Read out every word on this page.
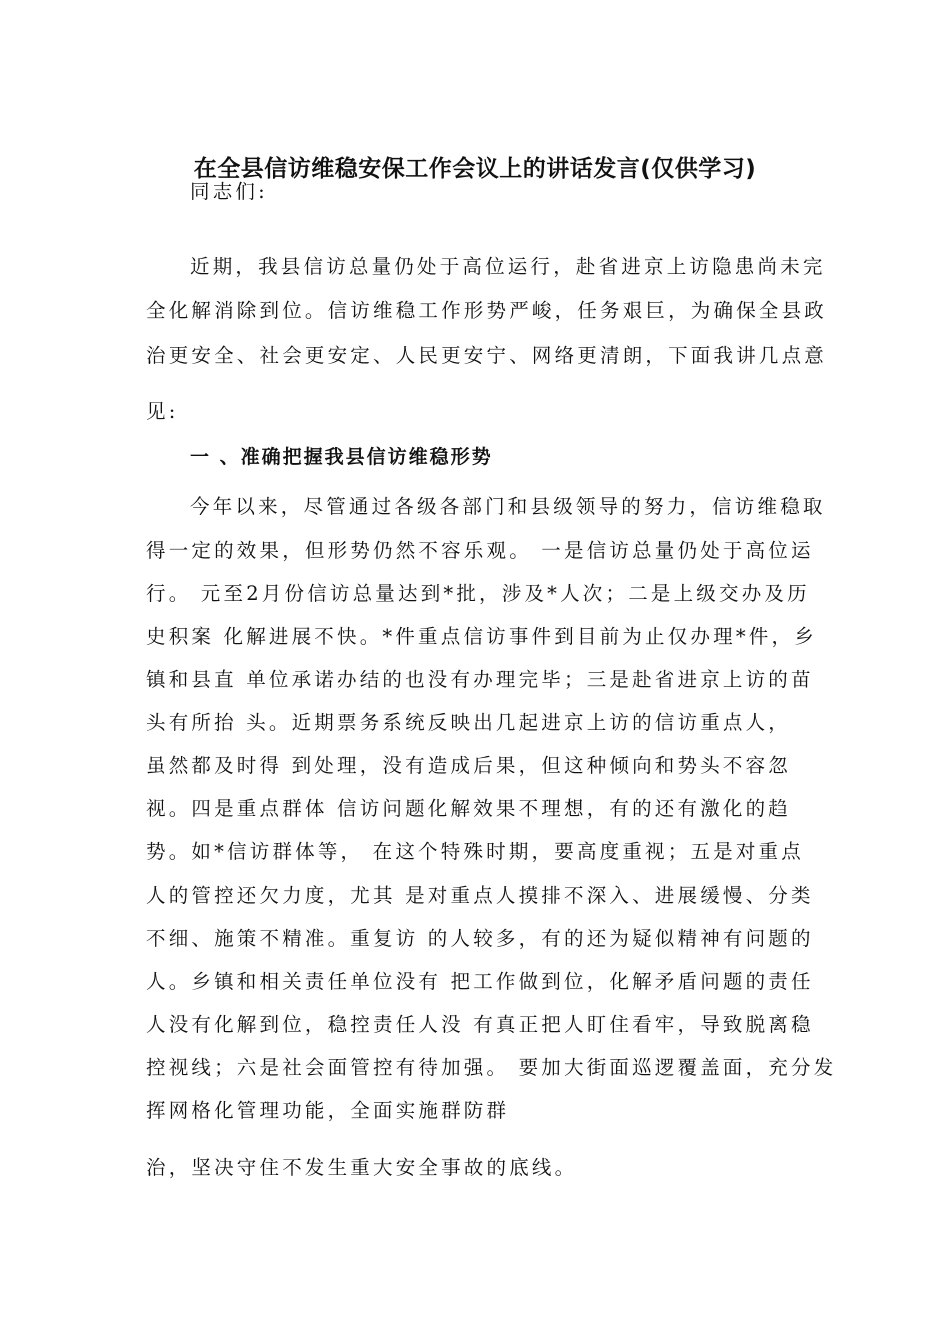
在全县信访维稳安保工作会议上的讲话发言(仅供学习)
同志们:
近期，我县信访总量仍处于高位运行，赴省进京上访隐患尚未完
全化解消除到位。信访维稳工作形势严峻，任务艰巨，为确保全县政
治更安全、社会更安定、人民更安宁、网络更清朗，下面我讲几点意
见:
一 、准确把握我县信访维稳形势
今年以来，尽管通过各级各部门和县级领导的努力，信访维稳取
得一定的效果，但形势仍然不容乐观。 一是信访总量仍处于高位运
行。 元至2月份信访总量达到*批，涉及*人次；二是上级交办及历
史积案 化解进展不快。*件重点信访事件到目前为止仅办理*件，乡
镇和县直 单位承诺办结的也没有办理完毕；三是赴省进京上访的苗
头有所抬 头。近期票务系统反映出几起进京上访的信访重点人，
虽然都及时得 到处理，没有造成后果，但这种倾向和势头不容忽
视。四是重点群体 信访问题化解效果不理想，有的还有激化的趋
势。如*信访群体等， 在这个特殊时期，要高度重视；五是对重点
人的管控还欠力度，尤其 是对重点人摸排不深入、进展缓慢、分类
不细、施策不精准。重复访 的人较多，有的还为疑似精神有问题的
人。乡镇和相关责任单位没有 把工作做到位，化解矛盾问题的责任
人没有化解到位，稳控责任人没 有真正把人盯住看牢，导致脱离稳
控视线；六是社会面管控有待加强。 要加大街面巡逻覆盖面，充分发
挥网格化管理功能，全面实施群防群
治，坚决守住不发生重大安全事故的底线。
